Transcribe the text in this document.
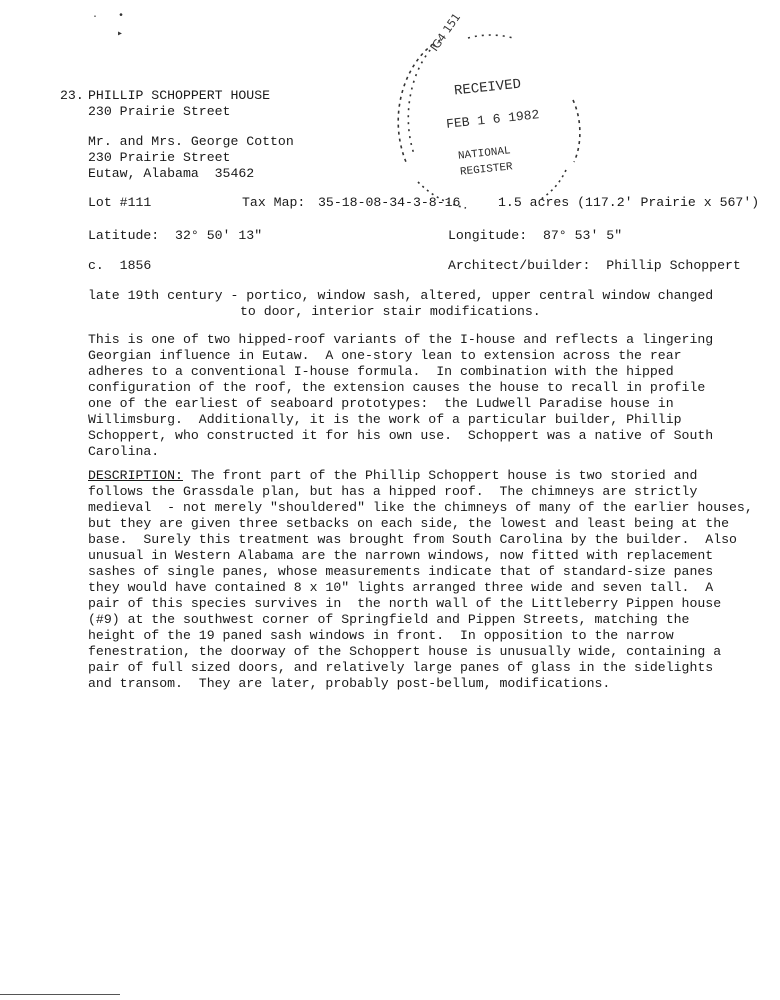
· •
▸
23. PHILLIP SCHOPPERT HOUSE
230 Prairie Street
Mr. and Mrs. George Cotton
230 Prairie Street
Eutaw, Alabama  35462
IG4 151
RECEIVED
FEB 1 6 1982
NATIONAL
REGISTER
Lot #111	Tax Map: 35-18-08-34-3-8-16	1.5 acres (117.2' Prairie x 567')
Latitude:  32° 50' 13"	Longitude:  87° 53' 5"
c.  1856	Architect/builder:  Phillip Schoppert
late 19th century - portico, window sash, altered, upper central window changed
to door, interior stair modifications.
This is one of two hipped-roof variants of the I-house and reflects a lingering
Georgian influence in Eutaw.  A one-story lean to extension across the rear
adheres to a conventional I-house formula.  In combination with the hipped
configuration of the roof, the extension causes the house to recall in profile
one of the earliest of seaboard prototypes:  the Ludwell Paradise house in
Willimsburg.  Additionally, it is the work of a particular builder, Phillip
Schoppert, who constructed it for his own use.  Schoppert was a native of South
Carolina.
DESCRIPTION: The front part of the Phillip Schoppert house is two storied and
follows the Grassdale plan, but has a hipped roof.  The chimneys are strictly
medieval  - not merely "shouldered" like the chimneys of many of the earlier houses,
but they are given three setbacks on each side, the lowest and least being at the
base.  Surely this treatment was brought from South Carolina by the builder.  Also
unusual in Western Alabama are the narrown windows, now fitted with replacement
sashes of single panes, whose measurements indicate that of standard-size panes
they would have contained 8 x 10" lights arranged three wide and seven tall.  A
pair of this species survives in  the north wall of the Littleberry Pippen house
(#9) at the southwest corner of Springfield and Pippen Streets, matching the
height of the 19 paned sash windows in front.  In opposition to the narrow
fenestration, the doorway of the Schoppert house is unusually wide, containing a
pair of full sized doors, and relatively large panes of glass in the sidelights
and transom.  They are later, probably post-bellum, modifications.
